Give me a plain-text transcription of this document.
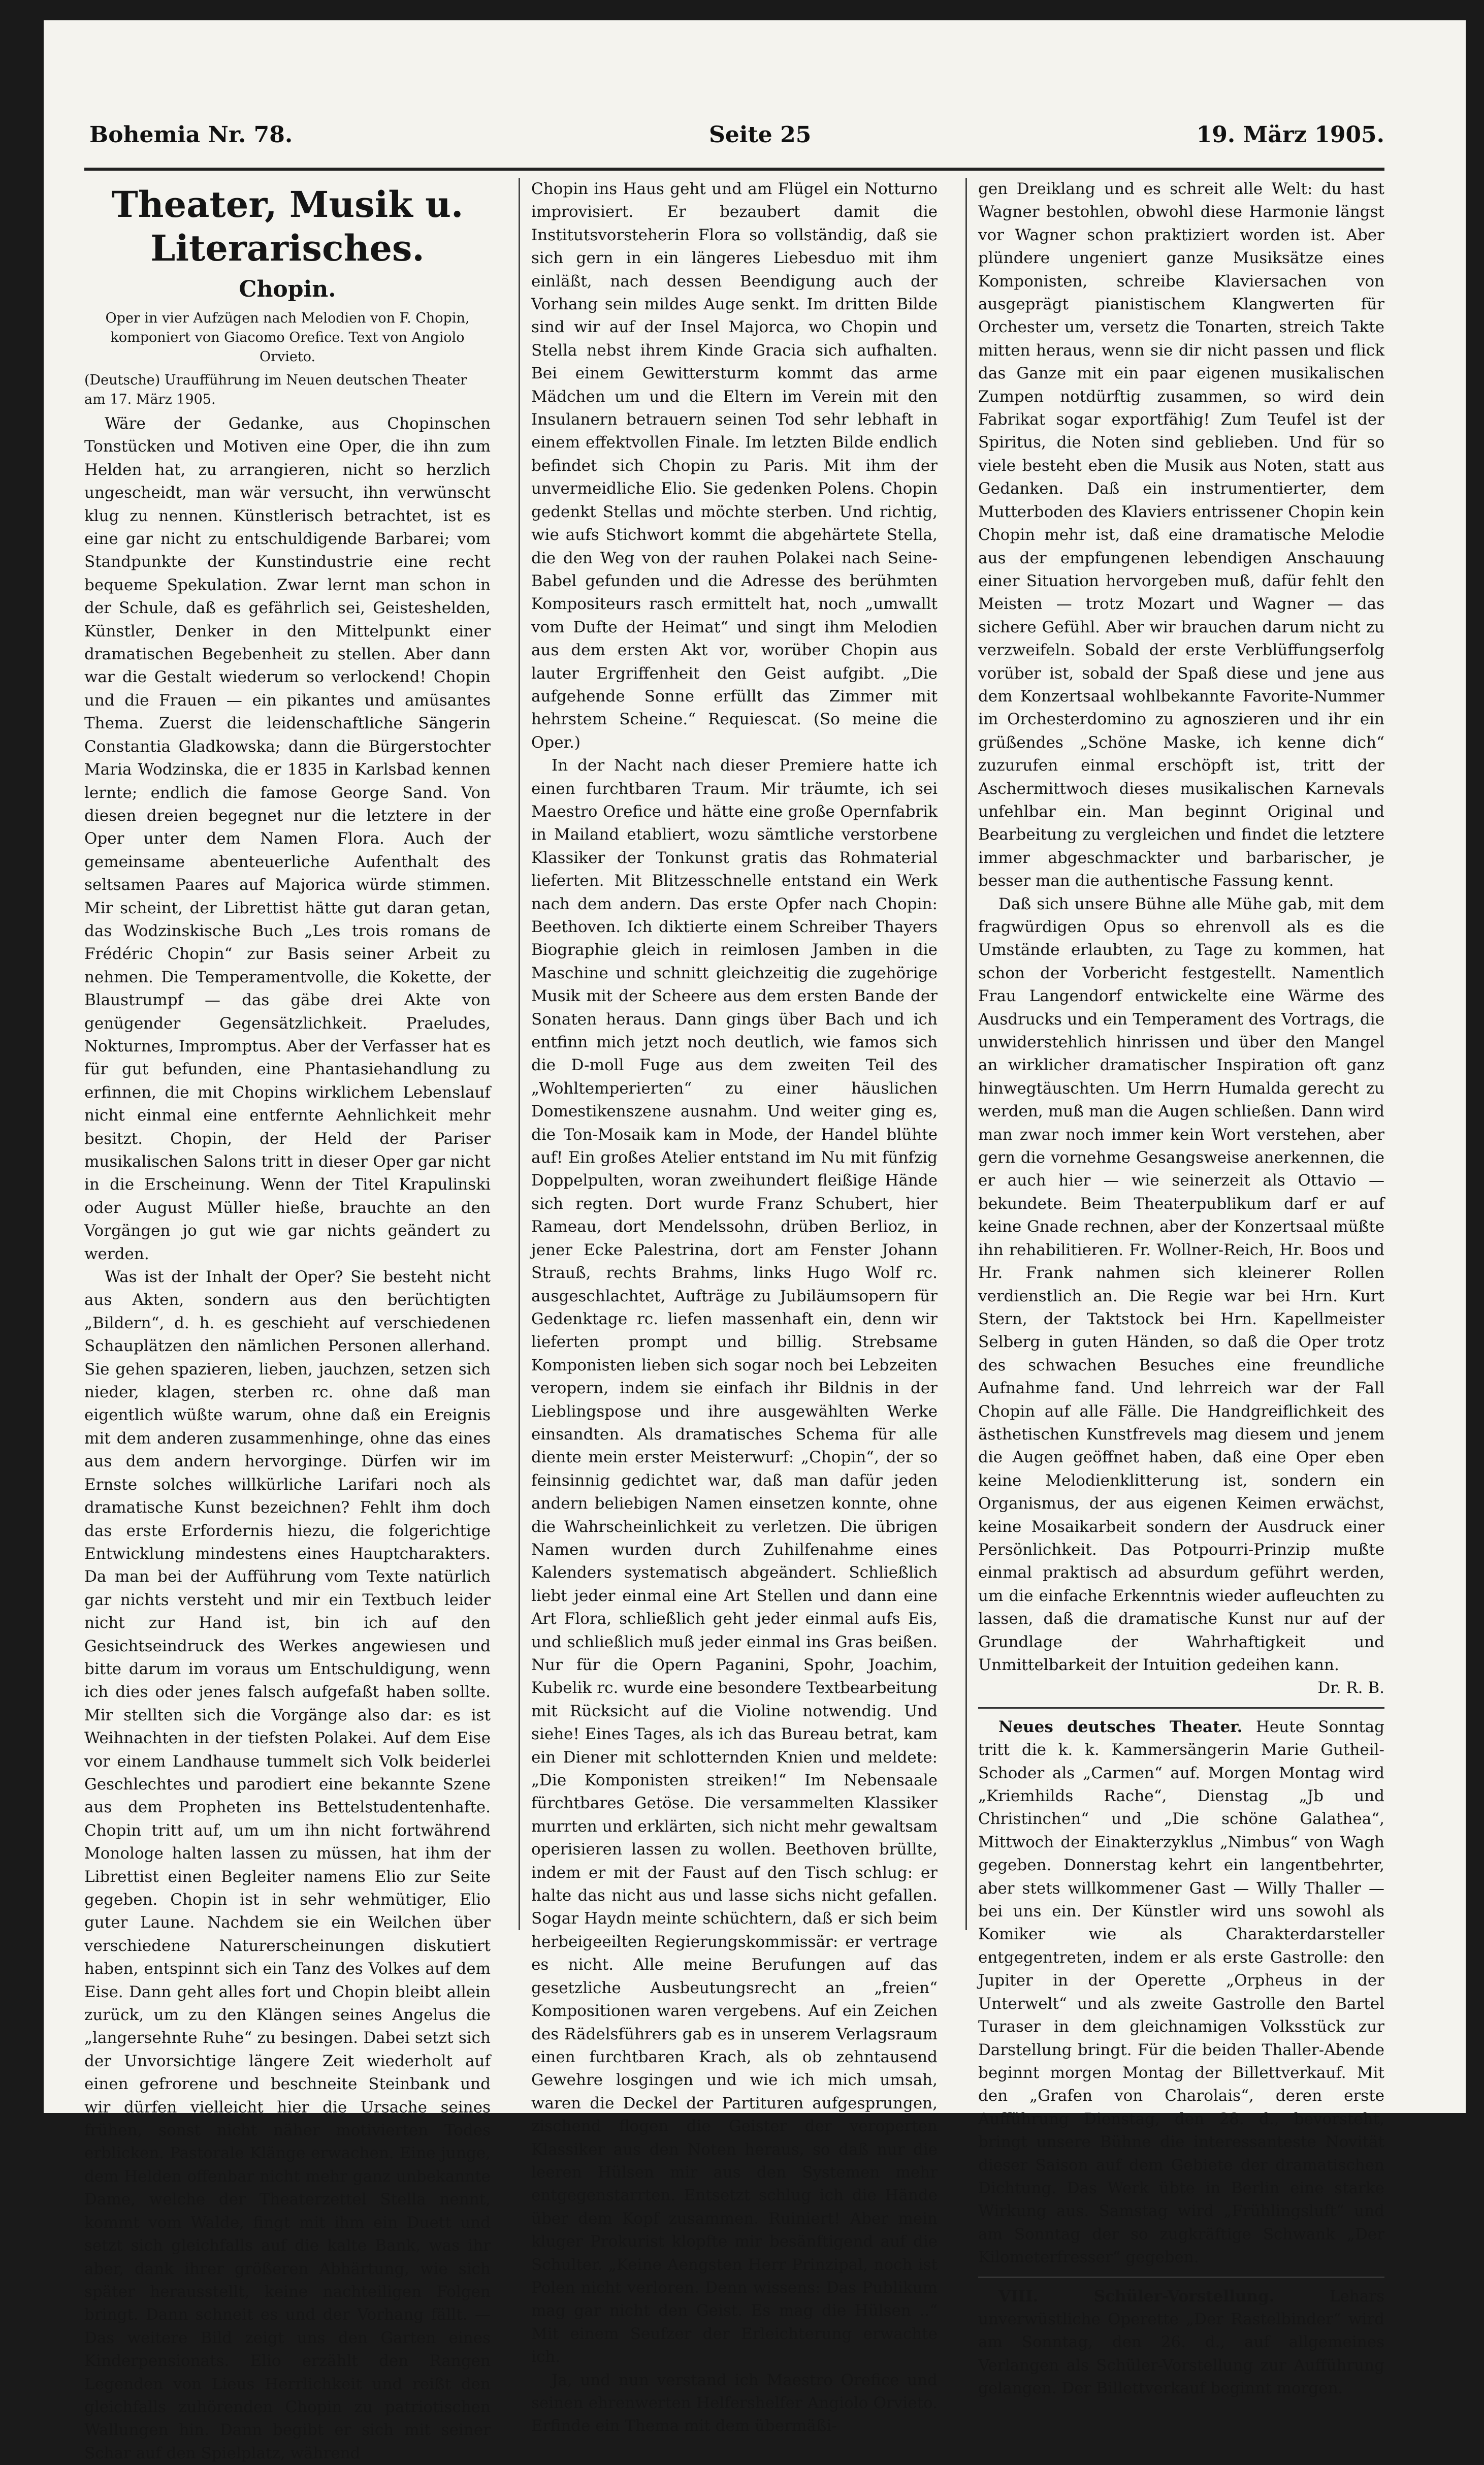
Bohemia Nr. 78.	Seite 25	19. März 1905.
Theater, Musik u. Literarisches.
Chopin.

Oper in vier Aufzügen nach Melodien von F. Chopin, komponiert von Giacomo Orefice. Text von Angiolo Orvieto.

(Deutsche) Uraufführung im Neuen deutschen Theater am 17. März 1905.

Wäre der Gedanke, aus Chopinschen Tonstücken und Motiven eine Oper, die ihn zum Helden hat, zu arrangieren, nicht so herzlich ungescheidt, man wär versucht, ihn verwünscht klug zu nennen. Künstlerisch betrachtet, ist es eine gar nicht zu entschuldigende Barbarei; vom Standpunkte der Kunstindustrie eine recht bequeme Spekulation. Zwar lernt man schon in der Schule, daß es gefährlich sei, Geisteshelden, Künstler, Denker in den Mittelpunkt einer dramatischen Begebenheit zu stellen. Aber dann war die Gestalt wiederum so verlockend! Chopin und die Frauen — ein pikantes und amüsantes Thema. Zuerst die leidenschaftliche Sängerin Constantia Gladkowska; dann die Bürgerstochter Maria Wodzinska, die er 1835 in Karlsbad kennen lernte; endlich die famose George Sand. Von diesen dreien begegnet nur die letztere in der Oper unter dem Namen Flora. Auch der gemeinsame abenteuerliche Aufenthalt des seltsamen Paares auf Majorica würde stimmen. Mir scheint, der Librettist hätte gut daran getan, das Wodzinskische Buch „Les trois romans de Frédéric Chopin“ zur Basis seiner Arbeit zu nehmen. Die Temperamentvolle, die Kokette, der Blaustrumpf — das gäbe drei Akte von genügender Gegensätzlichkeit. Praeludes, Nokturnes, Impromptus. Aber der Verfasser hat es für gut befunden, eine Phantasiehandlung zu erfinnen, die mit Chopins wirklichem Lebenslauf nicht einmal eine entfernte Aehnlichkeit mehr besitzt. Chopin, der Held der Pariser musikalischen Salons tritt in dieser Oper gar nicht in die Erscheinung. Wenn der Titel Krapulinski oder August Müller hieße, brauchte an den Vorgängen jo gut wie gar nichts geändert zu werden.

Was ist der Inhalt der Oper? Sie besteht nicht aus Akten, sondern aus den berüchtigten „Bildern“, d. h. es geschieht auf verschiedenen Schauplätzen den nämlichen Personen allerhand. Sie gehen spazieren, lieben, jauchzen, setzen sich nieder, klagen, sterben rc. ohne daß man eigentlich wüßte warum, ohne daß ein Ereignis mit dem anderen zusammenhinge, ohne das eines aus dem andern hervorginge. Dürfen wir im Ernste solches willkürliche Larifari noch als dramatische Kunst bezeichnen? Fehlt ihm doch das erste Erfordernis hiezu, die folgerichtige Entwicklung mindestens eines Hauptcharakters. Da man bei der Aufführung vom Texte natürlich gar nichts versteht und mir ein Textbuch leider nicht zur Hand ist, bin ich auf den Gesichtseindruck des Werkes angewiesen und bitte darum im voraus um Entschuldigung, wenn ich dies oder jenes falsch aufgefaßt haben sollte. Mir stellten sich die Vorgänge also dar: es ist Weihnachten in der tiefsten Polakei. Auf dem Eise vor einem Landhause tummelt sich Volk beiderlei Geschlechtes und parodiert eine bekannte Szene aus dem Propheten ins Bettelstudentenhafte. Chopin tritt auf, um um ihn nicht fortwährend Monologe halten lassen zu müssen, hat ihm der Librettist einen Begleiter namens Elio zur Seite gegeben. Chopin ist in sehr wehmütiger, Elio guter Laune. Nachdem sie ein Weilchen über verschiedene Naturerscheinungen diskutiert haben, entspinnt sich ein Tanz des Volkes auf dem Eise. Dann geht alles fort und Chopin bleibt allein zurück, um zu den Klängen seines Angelus die „langersehnte Ruhe“ zu besingen. Dabei setzt sich der Unvorsichtige längere Zeit wiederholt auf einen gefrorene und beschneite Steinbank und wir dürfen vielleicht hier die Ursache seines frühen, sonst nicht näher motivierten Todes erblicken. Pastorale Klänge erwachen. Eine junge, dem Helden offenbar nicht mehr ganz unbekannte Dame, welche der Theaterzettel Stella nennt, kommt vom Walde, fingt mit ihm ein Duett und setzt sich gleichfalls auf die kalte Bank, was ihr aber, dank ihrer größeren Abhärtung, wie sich später herausstellt, keine nachteiligen Folgen bringt. Dann schneit es und der Vorhang fällt. — Das weitere Bild zeigt uns den Garten eines Kinderpensionats. Elio erzählt den Rangen Legenden von Lieus Herrlichkeit und reißt den gleichfalls zuhörenden Chopin zu patriotischen Wallungen hin. Dann begibt er sich mit seiner Schar auf den Spielplatz, während

Chopin ins Haus geht und am Flügel ein Notturno improvisiert. Er bezaubert damit die Institutsvorsteherin Flora so vollständig, daß sie sich gern in ein längeres Liebesduo mit ihm einläßt, nach dessen Beendigung auch der Vorhang sein mildes Auge senkt. Im dritten Bilde sind wir auf der Insel Majorca, wo Chopin und Stella nebst ihrem Kinde Gracia sich aufhalten. Bei einem Gewittersturm kommt das arme Mädchen um und die Eltern im Verein mit den Insulanern betrauern seinen Tod sehr lebhaft in einem effektvollen Finale. Im letzten Bilde endlich befindet sich Chopin zu Paris. Mit ihm der unvermeidliche Elio. Sie gedenken Polens. Chopin gedenkt Stellas und möchte sterben. Und richtig, wie aufs Stichwort kommt die abgehärtete Stella, die den Weg von der rauhen Polakei nach Seine-Babel gefunden und die Adresse des berühmten Kompositeurs rasch ermittelt hat, noch „umwallt vom Dufte der Heimat“ und singt ihm Melodien aus dem ersten Akt vor, worüber Chopin aus lauter Ergriffenheit den Geist aufgibt. „Die aufgehende Sonne erfüllt das Zimmer mit hehrstem Scheine.“ Requiescat. (So meine die Oper.)

In der Nacht nach dieser Premiere hatte ich einen furchtbaren Traum. Mir träumte, ich sei Maestro Orefice und hätte eine große Opernfabrik in Mailand etabliert, wozu sämtliche verstorbene Klassiker der Tonkunst gratis das Rohmaterial lieferten. Mit Blitzesschnelle entstand ein Werk nach dem andern. Das erste Opfer nach Chopin: Beethoven. Ich diktierte einem Schreiber Thayers Biographie gleich in reimlosen Jamben in die Maschine und schnitt gleichzeitig die zugehörige Musik mit der Scheere aus dem ersten Bande der Sonaten heraus. Dann gings über Bach und ich entfinn mich jetzt noch deutlich, wie famos sich die D-moll Fuge aus dem zweiten Teil des „Wohltemperierten“ zu einer häuslichen Domestikenszene ausnahm. Und weiter ging es, die Ton-Mosaik kam in Mode, der Handel blühte auf! Ein großes Atelier entstand im Nu mit fünfzig Doppelpulten, woran zweihundert fleißige Hände sich regten. Dort wurde Franz Schubert, hier Rameau, dort Mendelssohn, drüben Berlioz, in jener Ecke Palestrina, dort am Fenster Johann Strauß, rechts Brahms, links Hugo Wolf rc. ausgeschlachtet, Aufträge zu Jubiläumsopern für Gedenktage rc. liefen massenhaft ein, denn wir lieferten prompt und billig. Strebsame Komponisten lieben sich sogar noch bei Lebzeiten veropern, indem sie einfach ihr Bildnis in der Lieblingspose und ihre ausgewählten Werke einsandten. Als dramatisches Schema für alle diente mein erster Meisterwurf: „Chopin“, der so feinsinnig gedichtet war, daß man dafür jeden andern beliebigen Namen einsetzen konnte, ohne die Wahrscheinlichkeit zu verletzen. Die übrigen Namen wurden durch Zuhilfenahme eines Kalenders systematisch abgeändert. Schließlich liebt jeder einmal eine Art Stellen und dann eine Art Flora, schließlich geht jeder einmal aufs Eis, und schließlich muß jeder einmal ins Gras beißen. Nur für die Opern Paganini, Spohr, Joachim, Kubelik rc. wurde eine besondere Textbearbeitung mit Rücksicht auf die Violine notwendig. Und siehe! Eines Tages, als ich das Bureau betrat, kam ein Diener mit schlotternden Knien und meldete: „Die Komponisten streiken!“ Im Nebensaale fürchtbares Getöse. Die versammelten Klassiker murrten und erklärten, sich nicht mehr gewaltsam operisieren lassen zu wollen. Beethoven brüllte, indem er mit der Faust auf den Tisch schlug: er halte das nicht aus und lasse sichs nicht gefallen. Sogar Haydn meinte schüchtern, daß er sich beim herbeigeeilten Regierungskommissär: er vertrage es nicht. Alle meine Berufungen auf das gesetzliche Ausbeutungsrecht an „freien“ Kompositionen waren vergebens. Auf ein Zeichen des Rädelsführers gab es in unserem Verlagsraum einen furchtbaren Krach, als ob zehntausend Gewehre losgingen und wie ich mich umsah, waren die Deckel der Partituren aufgesprungen, zischend flogen die Geister der veroperten Klassiker aus den Noten heraus, so daß nur die leeren Hülsen mir aus den Systemen mehr entgegenstarrten. Entsetzt schlug ich die Hände über dem Kopf zusammen. Ruiniert! Aber mein kluger Prokurist klopfte mir besänftigend auf die Schulter. „Keine Aengsten Herr Prinzipal, noch ist Polen nicht verloren. Denn wissens: Das Publikum mag gar nicht den Geist. Es mag die Hülsen ..“ Mit einem Seufzer der Erleichterung erwachte ich.

Ja, und nun verstand ich Maestro Orefice und seinen ehrenwerten Helfershelfer Angiolo Orvieto. Erfinde ein Thema mit dem übermäßi-

gen Dreiklang und es schreit alle Welt: du hast Wagner bestohlen, obwohl diese Harmonie längst vor Wagner schon praktiziert worden ist. Aber plündere ungeniert ganze Musiksätze eines Komponisten, schreibe Klaviersachen von ausgeprägt pianistischem Klangwerten für Orchester um, versetz die Tonarten, streich Takte mitten heraus, wenn sie dir nicht passen und flick das Ganze mit ein paar eigenen musikalischen Zumpen notdürftig zusammen, so wird dein Fabrikat sogar exportfähig! Zum Teufel ist der Spiritus, die Noten sind geblieben. Und für so viele besteht eben die Musik aus Noten, statt aus Gedanken. Daß ein instrumentierter, dem Mutterboden des Klaviers entrissener Chopin kein Chopin mehr ist, daß eine dramatische Melodie aus der empfungenen lebendigen Anschauung einer Situation hervorgeben muß, dafür fehlt den Meisten — trotz Mozart und Wagner — das sichere Gefühl. Aber wir brauchen darum nicht zu verzweifeln. Sobald der erste Verblüffungserfolg vorüber ist, sobald der Spaß diese und jene aus dem Konzertsaal wohlbekannte Favorite-Nummer im Orchesterdomino zu agnoszieren und ihr ein grüßendes „Schöne Maske, ich kenne dich“ zuzurufen einmal erschöpft ist, tritt der Aschermittwoch dieses musikalischen Karnevals unfehlbar ein. Man beginnt Original und Bearbeitung zu vergleichen und findet die letztere immer abgeschmackter und barbarischer, je besser man die authentische Fassung kennt.

Daß sich unsere Bühne alle Mühe gab, mit dem fragwürdigen Opus so ehrenvoll als es die Umstände erlaubten, zu Tage zu kommen, hat schon der Vorbericht festgestellt. Namentlich Frau Langendorf entwickelte eine Wärme des Ausdrucks und ein Temperament des Vortrags, die unwiderstehlich hinrissen und über den Mangel an wirklicher dramatischer Inspiration oft ganz hinwegtäuschten. Um Herrn Humalda gerecht zu werden, muß man die Augen schließen. Dann wird man zwar noch immer kein Wort verstehen, aber gern die vornehme Gesangsweise anerkennen, die er auch hier — wie seinerzeit als Ottavio — bekundete. Beim Theaterpublikum darf er auf keine Gnade rechnen, aber der Konzertsaal müßte ihn rehabilitieren. Fr. Wollner-Reich, Hr. Boos und Hr. Frank nahmen sich kleinerer Rollen verdienstlich an. Die Regie war bei Hrn. Kurt Stern, der Taktstock bei Hrn. Kapellmeister Selberg in guten Händen, so daß die Oper trotz des schwachen Besuches eine freundliche Aufnahme fand. Und lehrreich war der Fall Chopin auf alle Fälle. Die Handgreiflichkeit des ästhetischen Kunstfrevels mag diesem und jenem die Augen geöffnet haben, daß eine Oper eben keine Melodienklitterung ist, sondern ein Organismus, der aus eigenen Keimen erwächst, keine Mosaikarbeit sondern der Ausdruck einer Persönlichkeit. Das Potpourri-Prinzip mußte einmal praktisch ad absurdum geführt werden, um die einfache Erkenntnis wieder aufleuchten zu lassen, daß die dramatische Kunst nur auf der Grundlage der Wahrhaftigkeit und Unmittelbarkeit der Intuition gedeihen kann.

Dr. R. B.

Neues deutsches Theater. Heute Sonntag tritt die k. k. Kammersängerin Marie Gutheil-Schoder als „Carmen“ auf. Morgen Montag wird „Kriemhilds Rache“, Dienstag „Jb und Christinchen“ und „Die schöne Galathea“, Mittwoch der Einakterzyklus „Nimbus“ von Wagh gegeben. Donnerstag kehrt ein langentbehrter, aber stets willkommener Gast — Willy Thaller — bei uns ein. Der Künstler wird uns sowohl als Komiker wie als Charakterdarsteller entgegentreten, indem er als erste Gastrolle: den Jupiter in der Operette „Orpheus in der Unterwelt“ und als zweite Gastrolle den Bartel Turaser in dem gleichnamigen Volksstück zur Darstellung bringt. Für die beiden Thaller-Abende beginnt morgen Montag der Billettverkauf. Mit den „Grafen von Charolais“, deren erste Aufführung Dienstag, den 28. d., bevorsteht, bringt unsere Bühne die interessanteste Novität dieser Saison auf dem Gebiete der dramatischen Dichtung. Das Werk übte in Berlin eine starke Wirkung aus. Samstag wird „Frühlingsluft“ und am Sonntag der so zugkräftige Schwank „Der Kilometerfresser“ gegeben.

VIII. Schüler-Vorstellung.	Lehars unverwüstliche Operette „Der Rastelbinder“ wird am Sonntag, den 26. d., auf allgemeines Verlangen als Schüler-Vorstellung zur Aufführung gelangen. Der Billettverkauf beginnt morgen.
